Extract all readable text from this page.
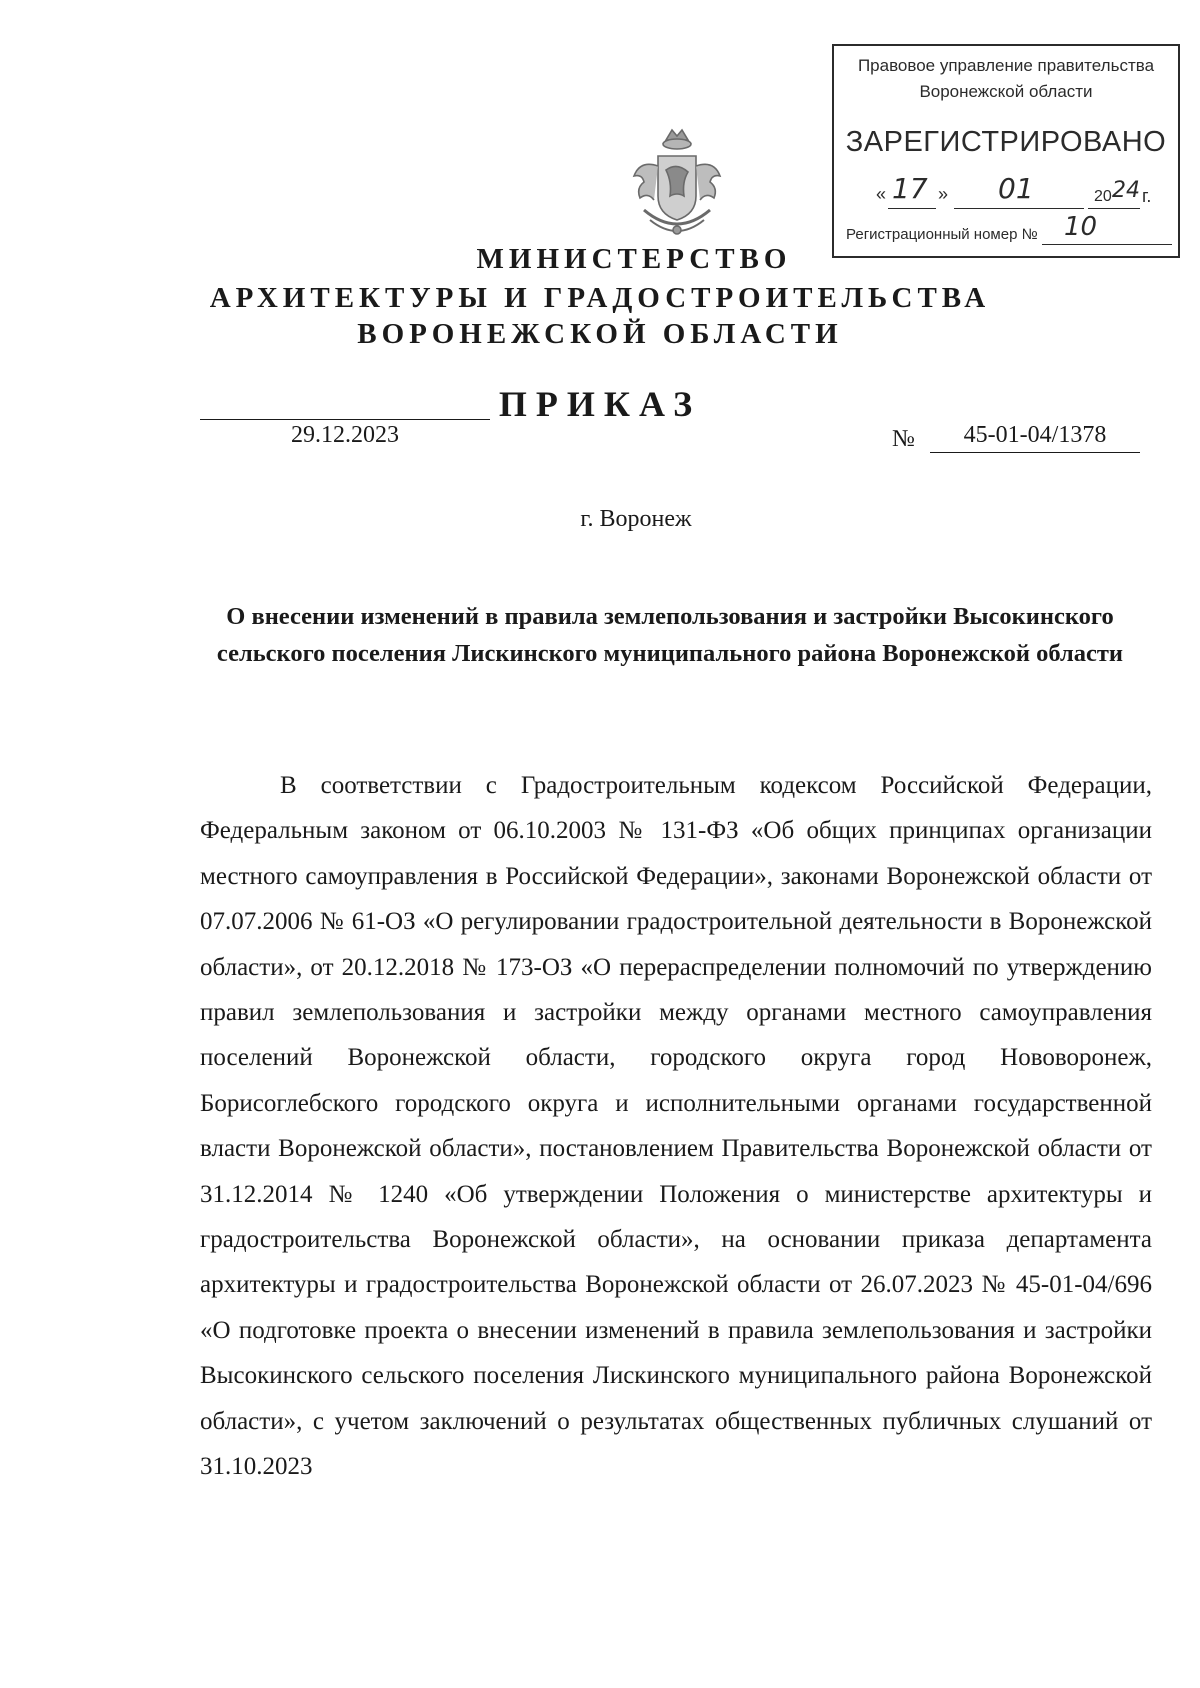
Правовое управление правительства
Воронежской области
ЗАРЕГИСТРИРОВАНО
« 17 » 01	20 24 г.
Регистрационный номер № 10
МИНИСТЕРСТВО
АРХИТЕКТУРЫ И ГРАДОСТРОИТЕЛЬСТВА
ВОРОНЕЖСКОЙ ОБЛАСТИ
ПРИКАЗ
29.12.2023	№	45-01-04/1378
г. Воронеж
О внесении изменений в правила землепользования и застройки Высокинского сельского поселения Лискинского муниципального района Воронежской области
В соответствии с Градостроительным кодексом Российской Федерации, Федеральным законом от 06.10.2003 № 131-ФЗ «Об общих принципах организации местного самоуправления в Российской Федерации», законами Воронежской области от 07.07.2006 № 61-ОЗ «О регулировании градостроительной деятельности в Воронежской области», от 20.12.2018 № 173-ОЗ «О перераспределении полномочий по утверждению правил землепользования и застройки между органами местного самоуправления поселений Воронежской области, городского округа город Нововоронеж, Борисоглебского городского округа и исполнительными органами государственной власти Воронежской области», постановлением Правительства Воронежской области от 31.12.2014 № 1240 «Об утверждении Положения о министерстве архитектуры и градостроительства Воронежской области», на основании приказа департамента архитектуры и градостроительства Воронежской области от 26.07.2023 № 45-01-04/696 «О подготовке проекта о внесении изменений в правила землепользования и застройки Высокинского сельского поселения Лискинского муниципального района Воронежской области», с учетом заключений о результатах общественных публичных слушаний от 31.10.2023
